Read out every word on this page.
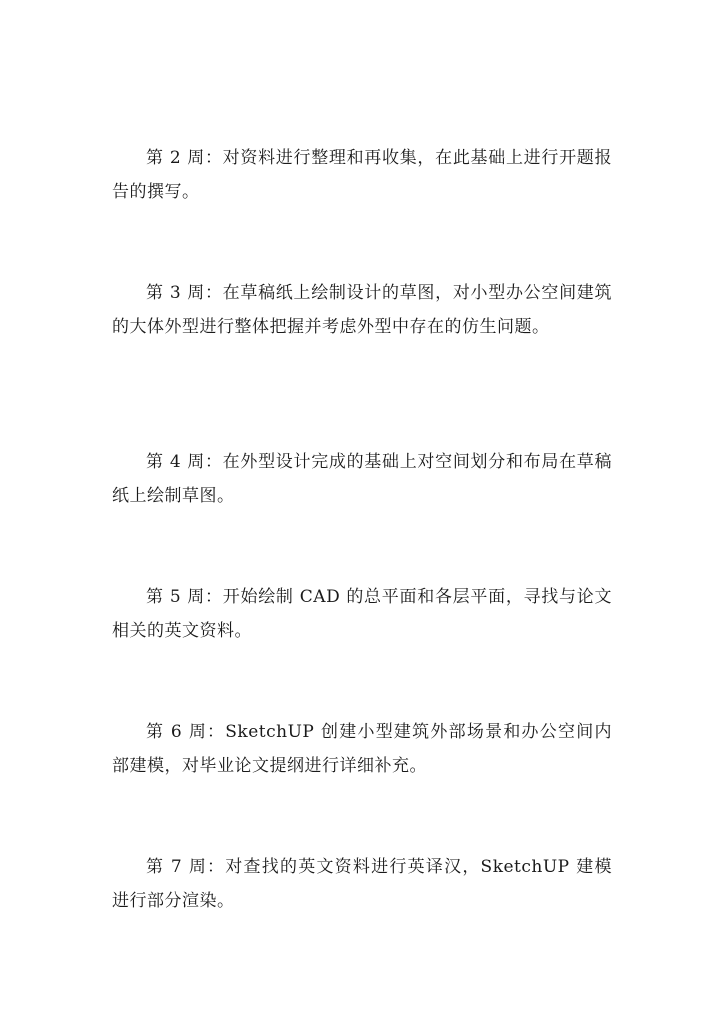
第 2 周：对资料进行整理和再收集，在此基础上进行开题报告的撰写。

第 3 周：在草稿纸上绘制设计的草图，对小型办公空间建筑的大体外型进行整体把握并考虑外型中存在的仿生问题。

第 4 周：在外型设计完成的基础上对空间划分和布局在草稿纸上绘制草图。

第 5 周：开始绘制 CAD 的总平面和各层平面，寻找与论文相关的英文资料。

第 6 周：SketchUP 创建小型建筑外部场景和办公空间内部建模，对毕业论文提纲进行详细补充。

第 7 周：对查找的英文资料进行英译汉，SketchUP 建模进行部分渲染。
